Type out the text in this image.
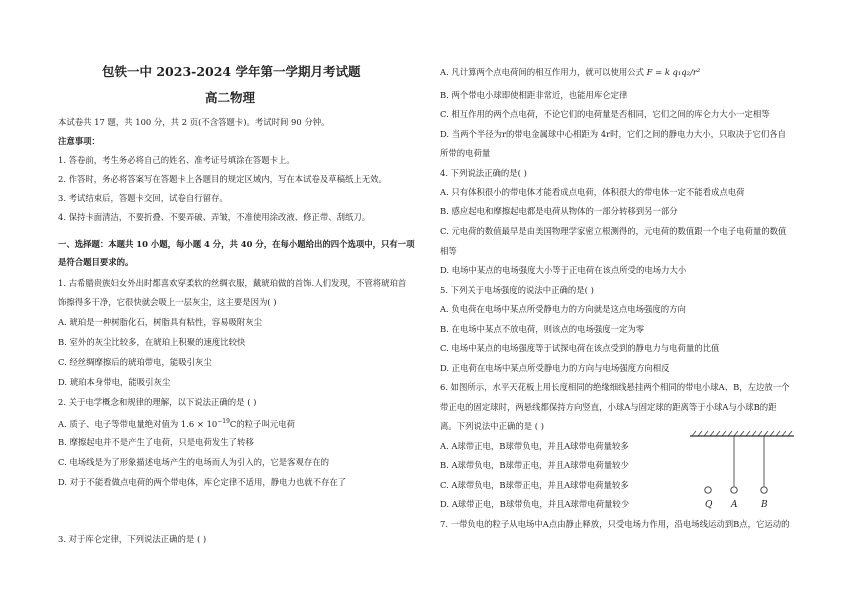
包铁一中 2023-2024 学年第一学期月考试题
高二物理
本试卷共 17 题，共 100 分，共 2 页(不含答题卡)。考试时间 90 分钟。
注意事项：
1. 答卷前，考生务必将自己的姓名、准考证号填涂在答题卡上。
2. 作答时，务必将答案写在答题卡上各题目的规定区域内，写在本试卷及草稿纸上无效。
3. 考试结束后，答题卡交回，试卷自行留存。
4. 保持卡面清洁，不要折叠、不要弄破、弄皱，不准使用涂改液、修正带、刮纸刀。
一、选择题：本题共 10 小题，每小题 4 分，共 40 分，在每小题给出的四个选项中，只有一项
是符合题目要求的。
1. 古希腊贵族妇女外出时都喜欢穿柔软的丝绸衣服，戴琥珀做的首饰.人们发现，不管将琥珀首
饰擦得多干净，它很快就会吸上一层灰尘，这主要是因为( )
A. 琥珀是一种树脂化石，树脂具有粘性，容易吸附灰尘
B. 室外的灰尘比较多，在琥珀上积聚的速度比较快
C. 经丝绸摩擦后的琥珀带电，能吸引灰尘
D. 琥珀本身带电，能吸引灰尘
2. 关于电学概念和规律的理解，以下说法正确的是 ( )
A. 质子、电子等带电量绝对值为 $1.6 \times 10^{-19}C$的粒子叫元电荷
B. 摩擦起电并不是产生了电荷，只是电荷发生了转移
C. 电场线是为了形象描述电场产生的电场而人为引入的，它是客观存在的
D. 对于不能看做点电荷的两个带电体，库仑定律不适用，静电力也就不存在了
3. 对于库仑定律，下列说法正确的是 ( )
A. 凡计算两个点电荷间的相互作用力，就可以使用公式 F = k q₁q₂/r²
B. 两个带电小球即使相距非常近，也能用库仑定律
C. 相互作用的两个点电荷，不论它们的电荷量是否相同，它们之间的库仑力大小一定相等
D. 当两个半径为r的带电金属球中心相距为 4r时，它们之间的静电力大小，只取决于它们各自
所带的电荷量
4. 下列说法正确的是( )
A. 只有体积很小的带电体才能看成点电荷，体积很大的带电体一定不能看成点电荷
B. 感应起电和摩擦起电都是电荷从物体的一部分转移到另一部分
C. 元电荷的数值最早是由美国物理学家密立根测得的，元电荷的数值跟一个电子电荷量的数值
相等
D. 电场中某点的电场强度大小等于正电荷在该点所受的电场力大小
5. 下列关于电场强度的说法中正确的是( )
A. 负电荷在电场中某点所受静电力的方向就是这点电场强度的方向
B. 在电场中某点不放电荷，则该点的电场强度一定为零
C. 电场中某点的电场强度等于试探电荷在该点受到的静电力与电荷量的比值
D. 正电荷在电场中某点所受静电力的方向与电场强度方向相反
6. 如图所示，水平天花板上用长度相同的绝缘细线悬挂两个相同的带电小球A、B，左边放一个
带正电的固定球时，两悬线都保持方向竖直，小球A与固定球的距离等于小球A与小球B的距
离。下列说法中正确的是 ( )
A. A球带正电，B球带负电，并且A球带电荷量较多
B. A球带负电，B球带正电，并且A球带电荷量较少
C. A球带负电，B球带正电，并且A球带电荷量较多
D. A球带正电，B球带负电，并且A球带电荷量较少
7. 一带负电的粒子从电场中A点由静止释放，只受电场力作用，沿电场线运动到B点，它运动的
Q A	B
